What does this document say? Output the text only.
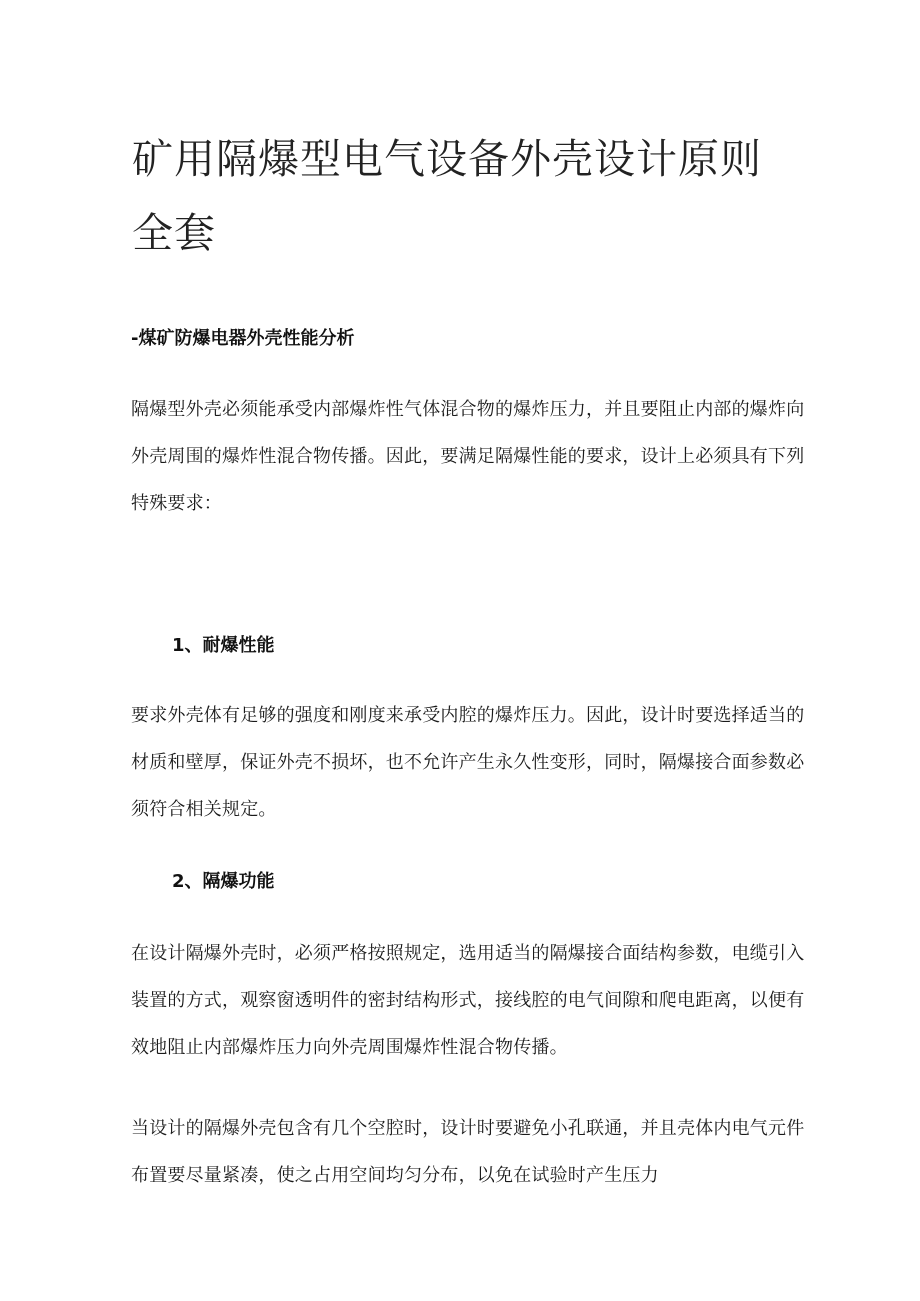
矿用隔爆型电气设备外壳设计原则全套
-煤矿防爆电器外壳性能分析

隔爆型外壳必须能承受内部爆炸性气体混合物的爆炸压力，并且要阻止内部的爆炸向外壳周围的爆炸性混合物传播。因此，要满足隔爆性能的要求，设计上必须具有下列特殊要求：

1、耐爆性能

要求外壳体有足够的强度和刚度来承受内腔的爆炸压力。因此，设计时要选择适当的材质和壁厚，保证外壳不损坏，也不允许产生永久性变形，同时，隔爆接合面参数必须符合相关规定。

2、隔爆功能

在设计隔爆外壳时，必须严格按照规定，选用适当的隔爆接合面结构参数，电缆引入装置的方式，观察窗透明件的密封结构形式，接线腔的电气间隙和爬电距离，以便有效地阻止内部爆炸压力向外壳周围爆炸性混合物传播。

当设计的隔爆外壳包含有几个空腔时，设计时要避免小孔联通，并且壳体内电气元件布置要尽量紧凑，使之占用空间均匀分布，以免在试验时产生压力
